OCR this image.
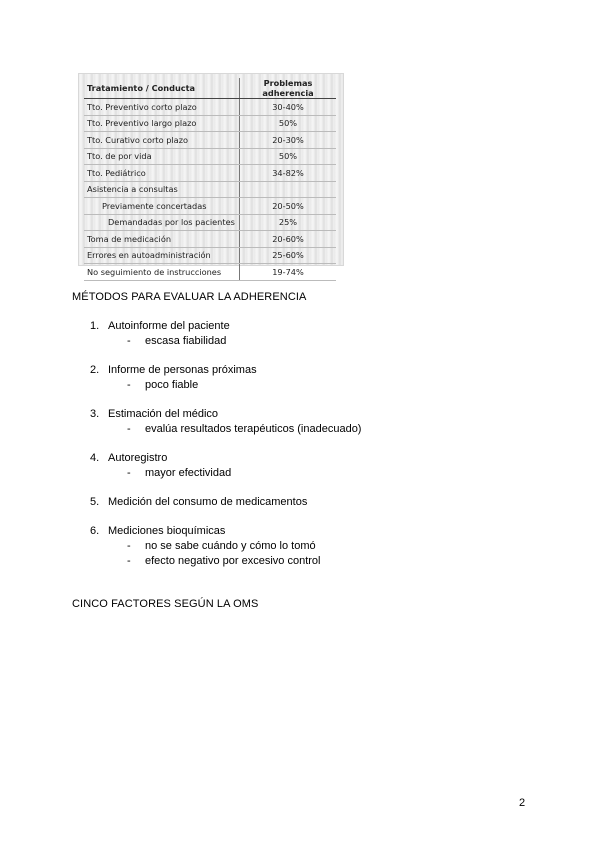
Tratamiento / Conducta	Problemas adherencia
Tto. Preventivo corto plazo	30-40%
Tto. Preventivo largo plazo	50%
Tto. Curativo corto plazo	20-30%
Tto. de por vida	50%
Tto. Pediátrico	34-82%
Asistencia a consultas	
Previamente concertadas	20-50%
Demandadas por los pacientes	25%
Toma de medicación	20-60%
Errores en autoadministración	25-60%
No seguimiento de instrucciones	19-74%
MÉTODOS PARA EVALUAR LA ADHERENCIA
1. Autoinforme del paciente
- escasa fiabilidad
2. Informe de personas próximas
- poco fiable
3. Estimación del médico
- evalúa resultados terapéuticos (inadecuado)
4. Autoregistro
- mayor efectividad
5. Medición del consumo de medicamentos
6. Mediciones bioquímicas
- no se sabe cuándo y cómo lo tomó
- efecto negativo por excesivo control
CINCO FACTORES SEGÚN LA OMS
2
